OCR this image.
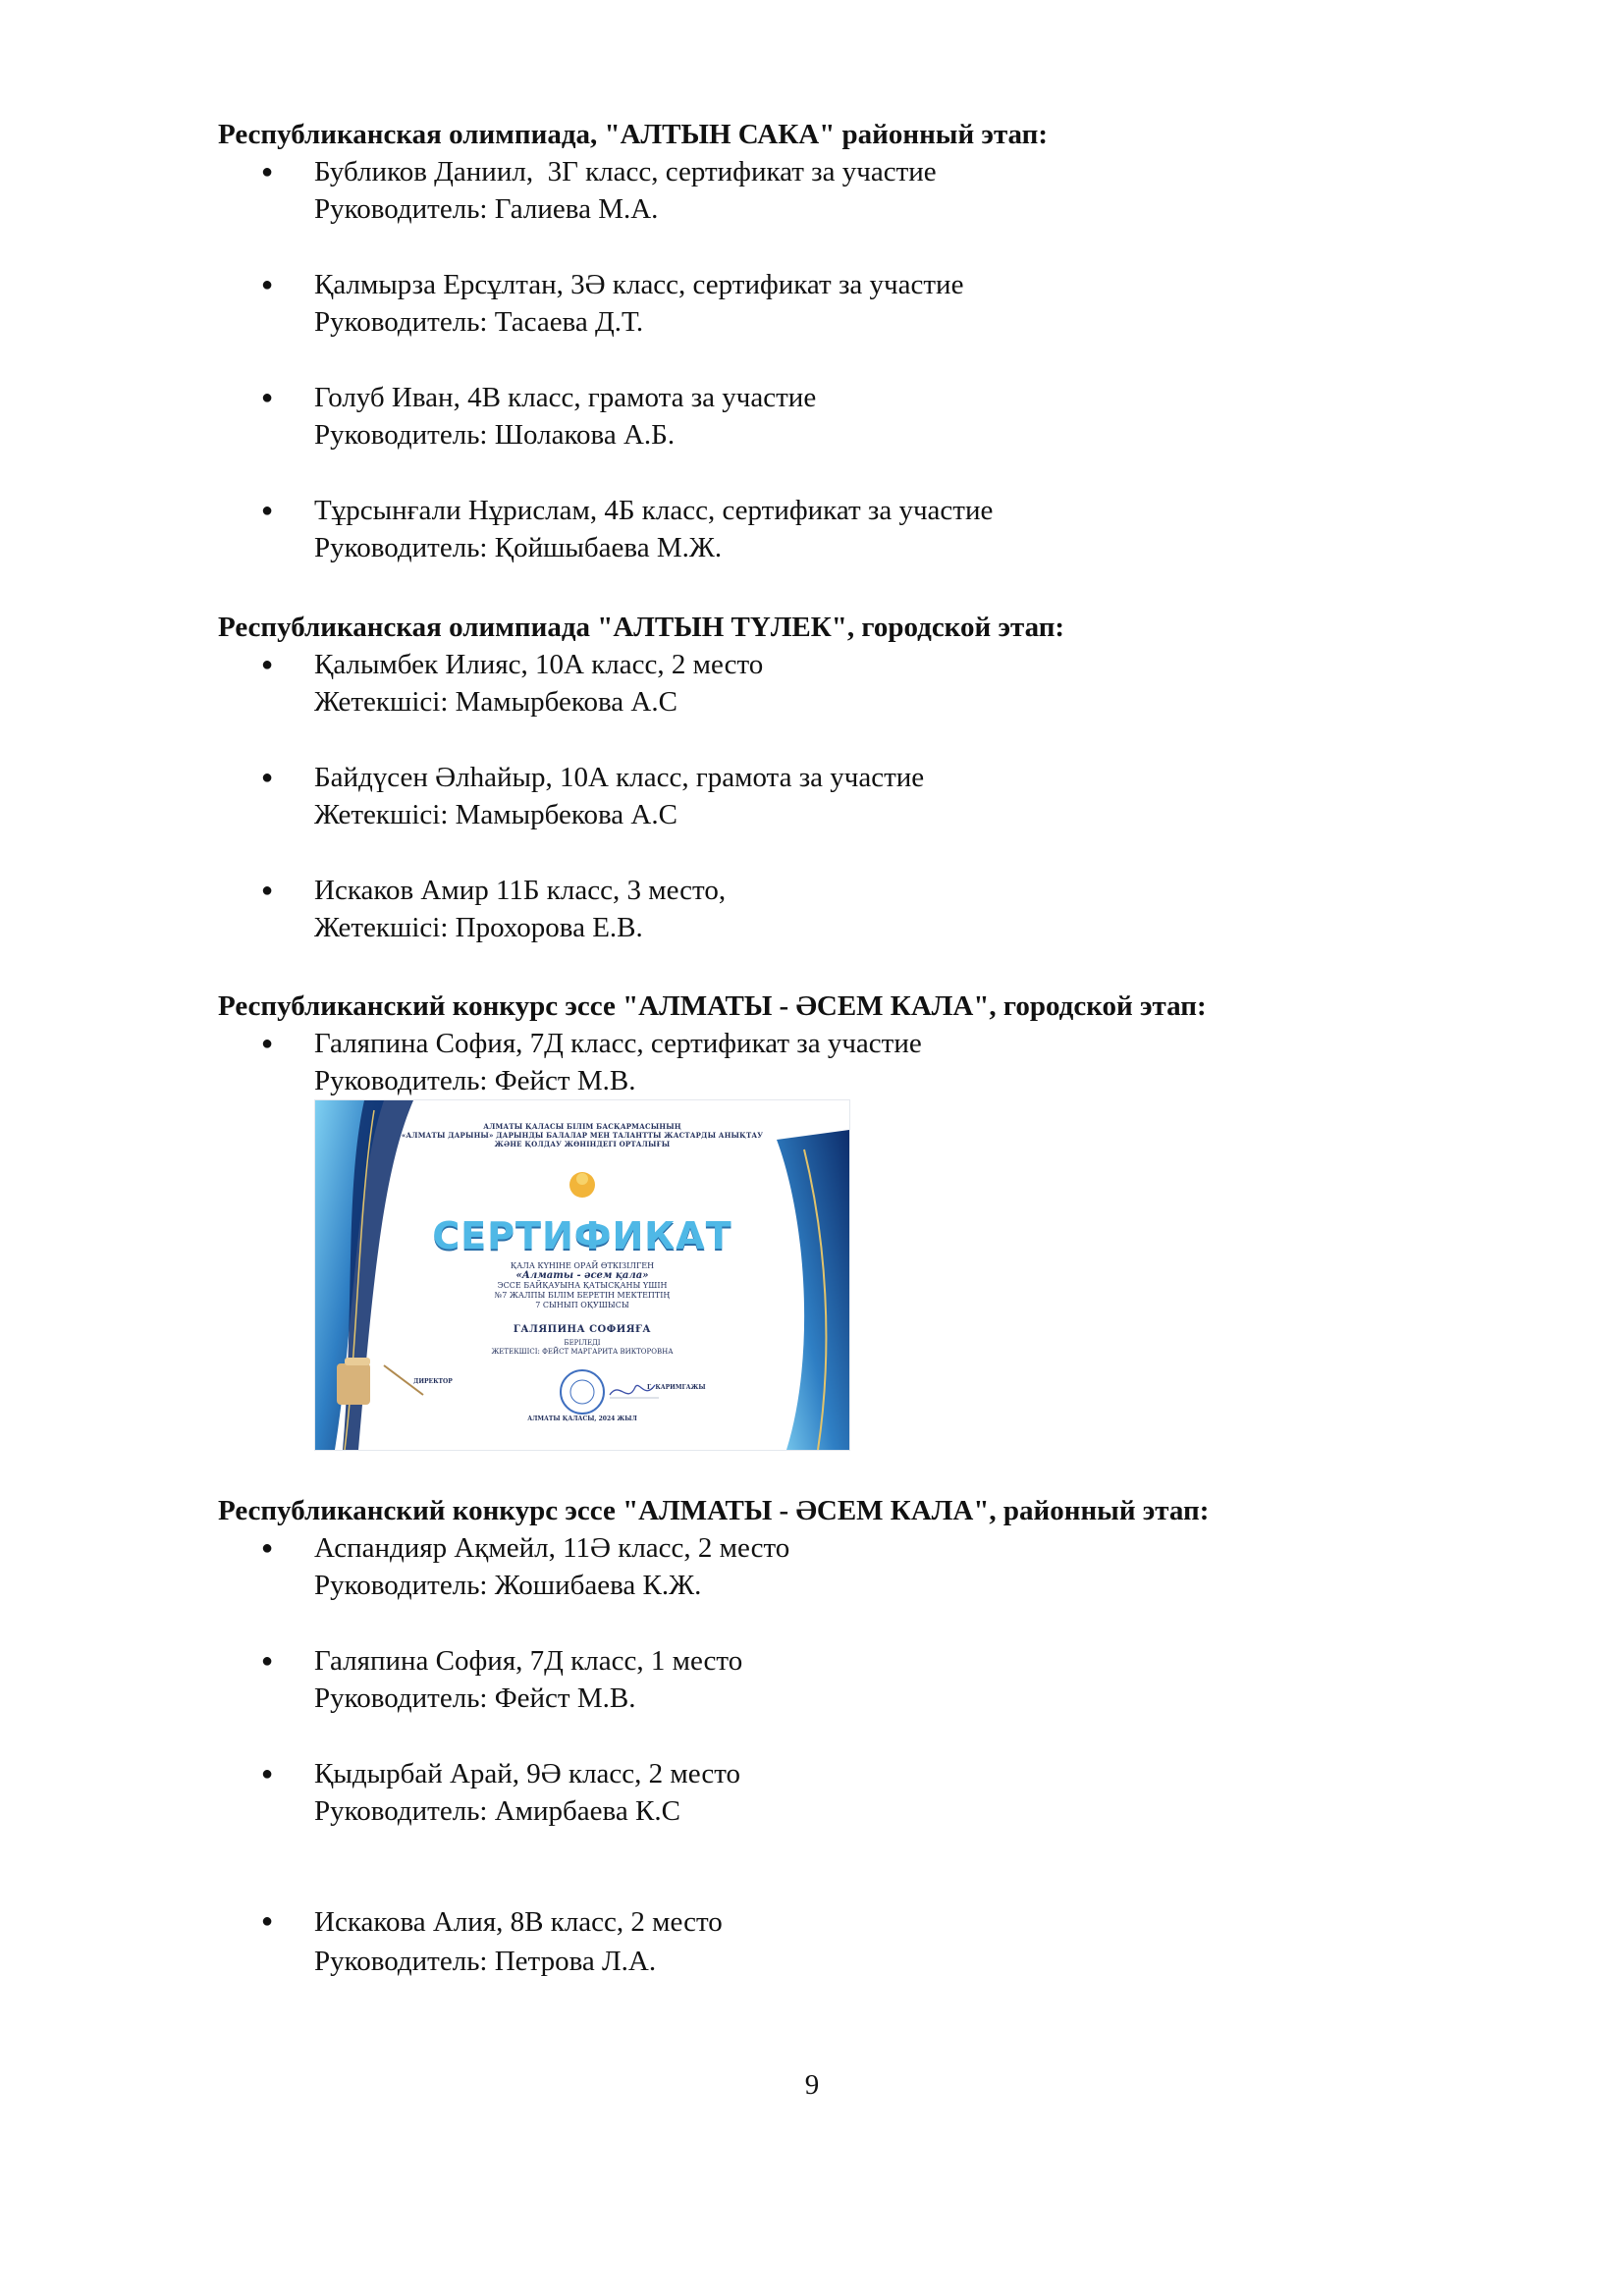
Республиканская олимпиада, "АЛТЫН САКА" районный этап:

● Бубликов Даниил,  3Г класс, сертификат за участие
Руководитель: Галиева М.А.
● Қалмырза Ерсұлтан, 3Ә класс, сертификат за участие
Руководитель: Тасаева Д.Т.
● Голуб Иван, 4В класс, грамота за участие
Руководитель: Шолакова А.Б.
● Тұрсынғали Нұрислам, 4Б класс, сертификат за участие
Руководитель: Қойшыбаева М.Ж.

Республиканская олимпиада "АЛТЫН ТҮЛЕК", городской этап:

● Қалымбек Илияс, 10А класс, 2 место
Жетекшісі: Мамырбекова А.С
● Байдүсен Әлһайыр, 10А класс, грамота за участие
Жетекшісі: Мамырбекова А.С
● Искаков Амир 11Б класс, 3 место,
Жетекшісі: Прохорова Е.В.

Республиканский конкурс эссе "АЛМАТЫ - ӘСЕМ КАЛА", городской этап:

● Галяпина София, 7Д класс, сертификат за участие
Руководитель: Фейст М.В.
АЛМАТЫ ҚАЛАСЫ БІЛІМ БАСҚАРМАСЫНЫҢ
«АЛМАТЫ ДАРЫНЫ» ДАРЫНДЫ БАЛАЛАР МЕН ТАЛАНТТЫ ЖАСТАРДЫ АНЫҚТАУ
ЖӘНЕ ҚОЛДАУ ЖӨНІНДЕГІ ОРТАЛЫҒЫ
СЕРТИФИКАТ
ҚАЛА КҮНІНЕ ОРАЙ ӨТКІЗІЛГЕН
«Алматы - әсем қала»
ЭССЕ БАЙҚАУЫНА ҚАТЫСҚАНЫ ҮШІН
№7 ЖАЛПЫ БІЛІМ БЕРЕТІН МЕКТЕПТІҢ
7 СЫНЫП ОҚУШЫСЫ
ГАЛЯПИНА СОФИЯҒА
БЕРІЛЕДІ
ЖЕТЕКШІСІ: ФЕЙСТ МАРГАРИТА ВИКТОРОВНА
ДИРЕКТОР
Г. КАРИМГАЖЫ
АЛМАТЫ ҚАЛАСЫ, 2024 ЖЫЛ

Республиканский конкурс эссе "АЛМАТЫ - ӘСЕМ КАЛА", районный этап:

● Аспандияр Ақмейл, 11Ә класс, 2 место
Руководитель: Жошибаева К.Ж.
● Галяпина София, 7Д класс, 1 место
Руководитель: Фейст М.В.
● Қыдырбай Арай, 9Ә класс, 2 место
Руководитель: Амирбаева К.С
● Искакова Алия, 8В класс, 2 место
Руководитель: Петрова Л.А.
9
